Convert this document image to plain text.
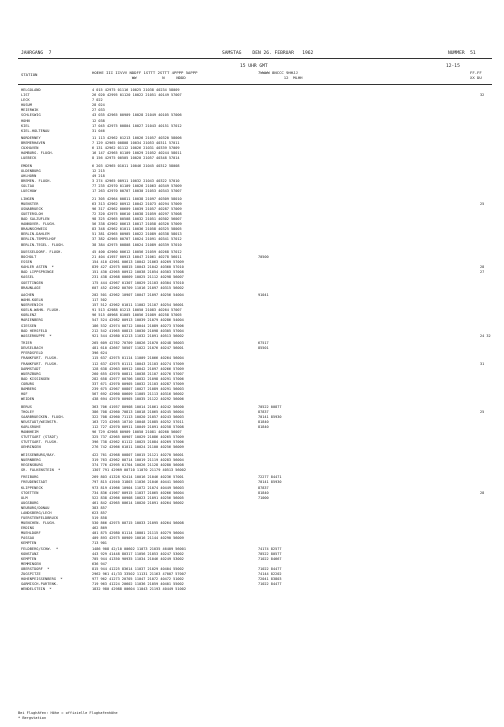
JAHRGANG  7	SAMSTAG    DEN 26. FEBRUAR   1962	NUMMER  51
15 UHR GMT	12-15
STATION	HOEHE III IIVVV NDDFF 1STTT 2STTT 4PPPP 5APPP
WW           N     NDDD
7WWWW 8NCCC 9HHJJ
12  MLHH
FF-FF
XX DU
HELGOLAND	4 015 42975 01116 10025 21038 40234 58009
LIST	26 020 42995 01120 10022 21051 40149 57007	32
LECK	7 022
HUSUM	28 024
MEIERWIK	27 033
SCHLESWIG	43 035 42965 00909 10028 21049 40105 57006
HOHN	12 038
KIEL	17 045 42975 00804 10027 21043 40151 57012
KIEL-HOLTENAU	31 046
NORDERNEY	11 113 42962 01213 10026 21057 40320 58006
BREMERHAVEN	7 129 42965 00808 10034 21053 40311 57011
CUXHAVEN	6 131 42962 01112 10026 21031 40339 57009
HAMBURG. FLUGH.	16 147 42965 01109 10029 21052 40244 58011
LUEBECK	8 156 42975 00505 10020 21057 40348 57014
EMDEN	6 203 42965 01011 10046 21045 40312 58008
OLDENBURG	12 215
AHLHORN	49 218
BREMEN. FLUGH.	3 274 42965 00911 10032 21043 40322 57010
SOLTAU	77 235 42970 01109 10026 21063 40349 57009
LUECHOW	17 263 42970 00707 10030 21053 40343 57007
LINGEN	21 305 42964 00811 10038 21097 40309 58010
MUENSTER	63 313 42962 00912 10042 21073 40294 57009	25
OSNABRUECK	96 317 42962 00609 10039 21057 40287 57009
GUETERSLOH	72 320 42975 00610 10038 21059 40297 57008
BAD SALZUFLEN	98 325 42965 00508 10032 21051 40302 56007
HANNOVER. FLUGH.	56 338 42962 00613 10017 21058 40320 57009
BRAUNSCHWEIG	83 348 42962 01011 10036 21058 40325 58005
BERLIN-DAHLEM	51 381 42965 00905 10022 21089 40338 58013
BERLIN-TEMPELHOF	37 382 42965 00707 10024 21091 40341 57012
BERLIN-TEGEL. FLUGH.	38 384 42975 00808 10024 21089 40339 57010
DUESSELDORF. FLUGH.	45 400 42960 00612 10056 21059 40268 57012
BOCHOLT	21 404 41957 00913 10047 21061 40278 56011	70500
ESSEN	154 410 42961 00613 10042 21063 40269 57009
KAHLER ASTEN  *	839 427 42975 00815 10043 21042 40360 57010	28
BAD LIPPSPRINGE	151 430 42965 00912 10038 21054 40303 57008	27
KASSEL	231 438 42968 00609 10025 21112 40298 56007
GOETTINGEN	175 444 42967 01307 10029 21103 40304 57010
BRAUNLAGE	607 452 42962 00709 11016 21097 40315 56002
AACHEN	202 501 42962 10907 10047 21097 40256 54004	91041
WAHN-KOELN	117 502
NOERVENICH	157 512 42962 01011 11002 21107 40254 56001
KOELN-WAHN. FLUGH.	91 513 42988 01213 10050 21083 40264 57007
KOBLENZ	96 515 40968 01005 10056 21089 40258 57005
MARIENBERG	547 524 42982 00913 10039 21079 40286 54004
GIESSEN	186 532 42974 00712 10044 21089 40273 57006
BAD HERSFELD	212 542 41965 00813 10030 21098 40305 57004
WASSERKUPPE  *	921 544 42980 01213 11032 21091 40513 56002	24 32
TRIER	265 609 42762 70709 10026 21070 40248 56003	67517
DEUSELBACH	481 610 42667 50507 11022 21076 40247 56001	85501
PFERDSFELD	396 624
FRANKFURT. FLUGH.	115 637 42975 01114 11009 21066 40264 56004
FRANKFURT. FLUGH.	112 637 42975 01111 10043 21103 40274 57009	31
DARMSTADT	128 638 42963 00912 10042 21097 40266 57009
WUERZBURG	260 655 42970 00811 10038 21107 40276 57007
BAD KISSINGEN	282 658 42977 00706 10032 21098 40291 57006
COBURG	337 671 42970 00905 10032 21103 40287 57009
BAMBERG	239 675 42967 00807 10027 21089 40291 56003
HOF	567 692 42960 00609 11005 21113 40316 56002
WEIDEN	438 694 42970 00905 10035 21122 40292 56006
BERUS	363 706 41957 80908 10014 21061 40242 56000	70522 00877
THOLEY	386 708 42960 70813 10018 21065 40245 56004	87837	25
SAARBRUECKEN. FLUGH.	322 708 42960 71113 10020 21057 40243 56003	70141 85930
NEUSTADT/WEINSTR.	163 723 42965 10710 10048 21085 40252 57011	81840
KARLSRUHE	112 727 42970 00911 10049 21091 40258 57008	81840
MANNHEIM	96 729 42968 00909 10050 21081 40260 56007
STUTTGART (STADT)	325 737 42965 00907 10029 21086 40265 57009
STUTTGART. FLUGH.	396 738 42962 01112 10025 21084 40269 57006
OEHRINGEN	276 742 42966 01011 10024 21100 40256 56009
WEISSENBURG/BAY.	422 761 42968 00807 10015 21121 40270 56001
NUERNBERG	319 763 42962 00714 10019 21119 40283 56004
REGENSBURG	374 776 42995 01704 10026 21128 40280 56008
GR. FALKENSTEIN  *	1307 791 42969 00710 11070 21179 40513 56002
FREIBURG	269 803 41328 92414 10016 21046 40236 57001	72277 84471
FREUDENSTADT	797 815 41940 31803 11036 21046 40441 56003	70141 85930
KLIPPENECK	973 819 41966 10904 11072 21074 40449 56003	87837
STOETTEN	734 836 41967 00915 11037 21065 40266 56004	81840	28
ULM	522 838 42966 00908 10023 21091 40256 56005	71000
AUGSBURG	461 842 42965 00614 10020 21091 40264 56002
NEUBURG/DONAU	383 857
LANDSBERG/LECH	623 857
FUERSTENFELDBRUCK	519 858
MUENCHEN. FLUGH.	530 866 42975 00715 10033 21095 40264 56008
ERDING	462 869
MUEHLDORF	401 875 42980 01114 10001 21115 40279 56004
PASSAU	409 893 42975 00909 10016 21144 40290 56009
KEMPTEN	713 901
FELDBERG/SCHW.  *	1486 908 42/10 00602 11073 21035 46409 56001	74174 82577
KONSTANZ	443 929 41448 80317 11056 21053 40247 53002	70522 80577
KEMPTEN	705 944 41350 90935 11034 21046 40249 53002	71022 84667
MEMMINGEN	636 947
OBERSTDORF  *	815 944 41225 83614 11037 21029 40404 55002	71022 84477
ZUGSPITZE	2962 961 41/33 33502 11131 21163 47007 57007	74144 82202
HOHENPEISSENBERG  *	977 962 41273 20705 11047 21072 40472 51002	72041 83803
GARMISCH-PARTENK.	719 963 41224 20602 11036 21059 40401 55002	71022 84477
WENDELSTEIN  *	1832 980 42988 00604 11043 21193 40449 51002
Bei Flughäfen: Höhe = offizielle Flughafenhöhe
* Bergstation
